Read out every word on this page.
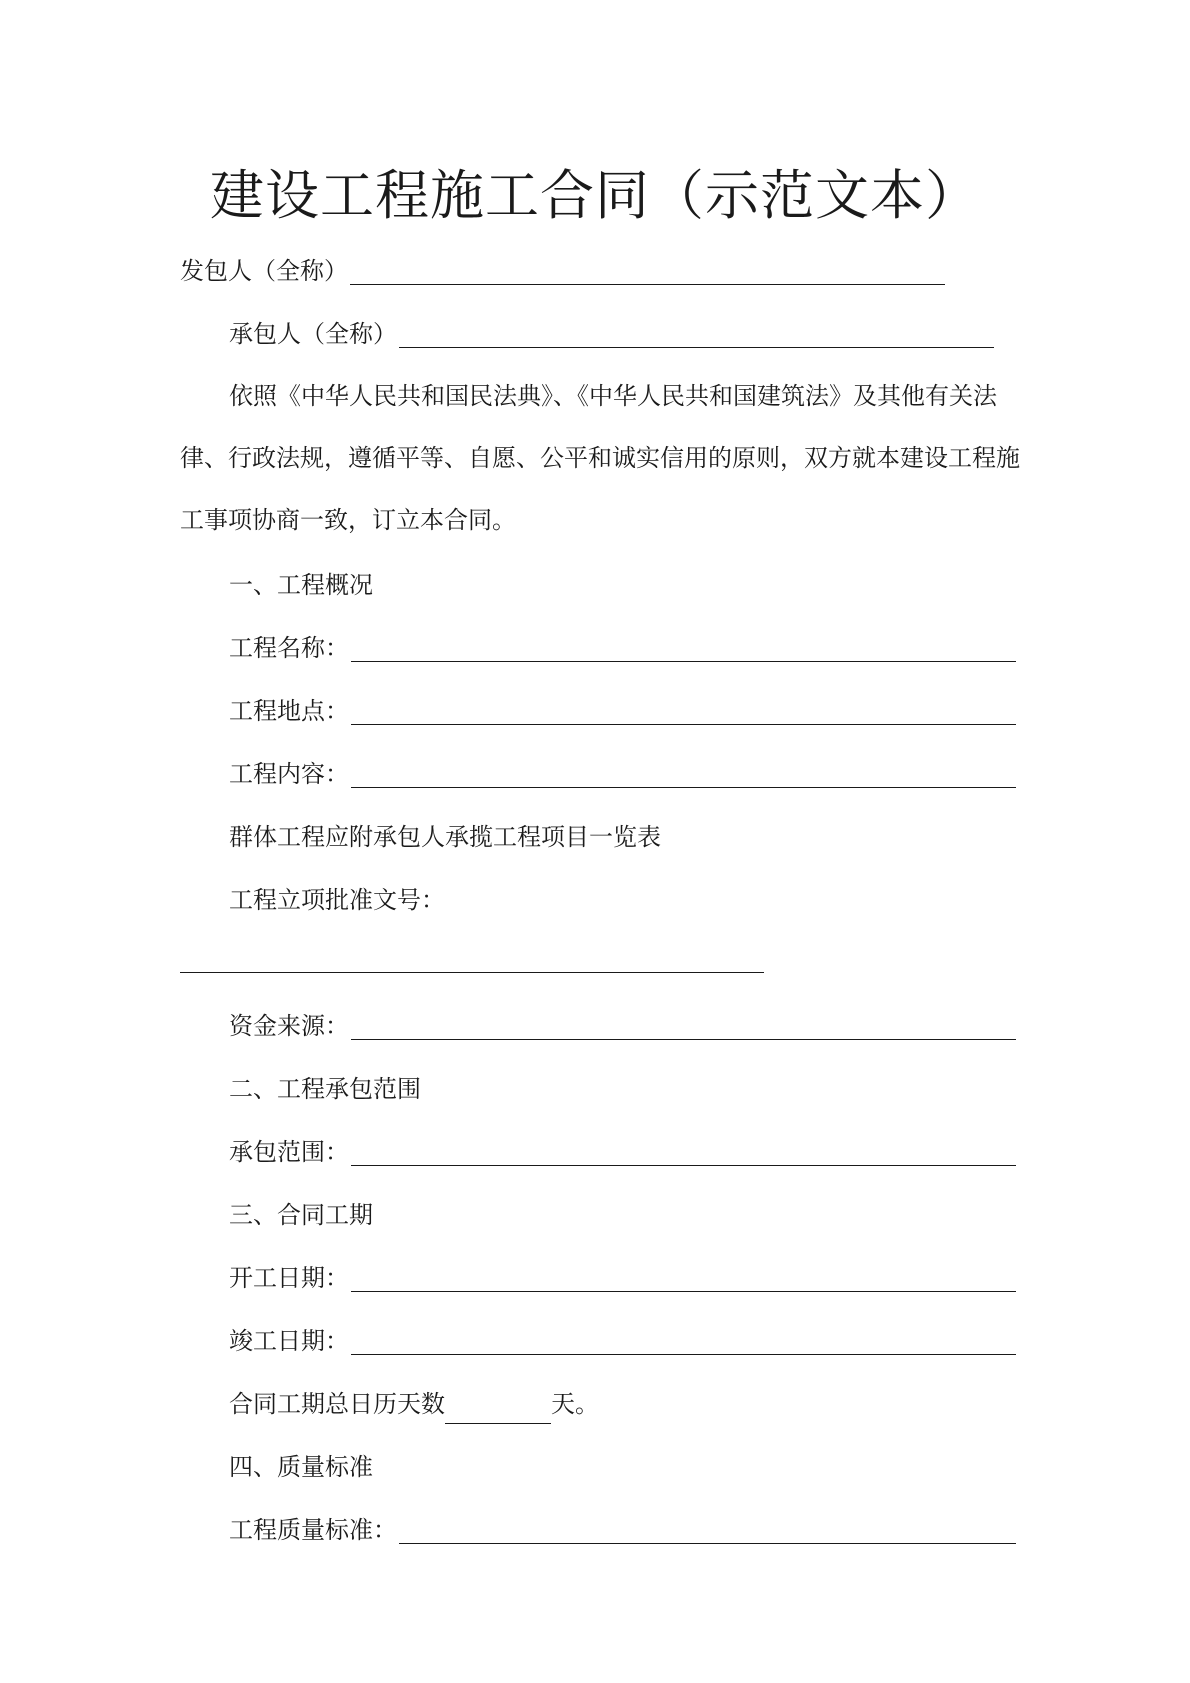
建设工程施工合同（示范文本）
发包人（全称）
承包人（全称）
依照《中华人民共和国民法典》、《中华人民共和国建筑法》及其他有关法律、行政法规，遵循平等、自愿、公平和诚实信用的原则，双方就本建设工程施工事项协商一致，订立本合同。
一、工程概况
工程名称：
工程地点：
工程内容：
群体工程应附承包人承揽工程项目一览表
工程立项批准文号：
资金来源：
二、工程承包范围
承包范围：
三、合同工期
开工日期：
竣工日期：
合同工期总日历天数	天。
四、质量标准
工程质量标准：
